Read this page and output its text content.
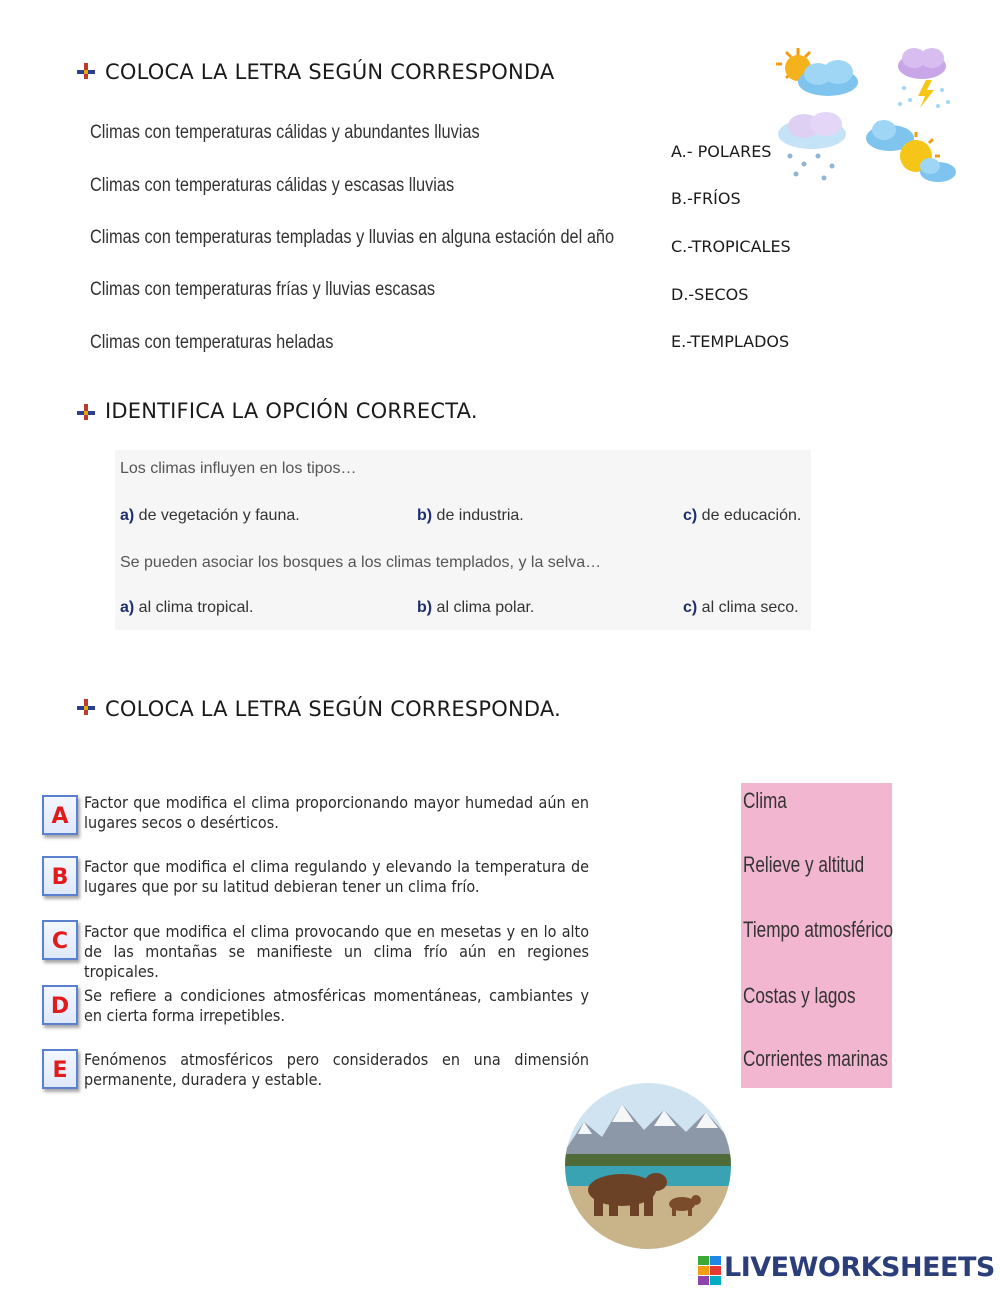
COLOCA LA LETRA SEGÚN CORRESPONDA
Climas con temperaturas cálidas y abundantes lluvias
Climas con temperaturas cálidas y escasas lluvias
Climas con temperaturas templadas y lluvias en alguna estación del año
Climas con temperaturas frías y lluvias escasas
Climas con temperaturas heladas
A.- POLARES
B.-FRÍOS
C.-TROPICALES
D.-SECOS
E.-TEMPLADOS
IDENTIFICA LA OPCIÓN CORRECTA.
Los climas influyen en los tipos…
a) de vegetación y fauna.	b) de industria.	c) de educación.
Se pueden asociar los bosques a los climas templados, y la selva…
a) al clima tropical.	b) al clima polar.	c) al clima seco.
COLOCA LA LETRA SEGÚN CORRESPONDA.
A
B
C
D
E
Factor que modifica el clima proporcionando mayor humedad aún en lugares secos o desérticos.
Factor que modifica el clima regulando y elevando la temperatura de lugares que por su latitud debieran tener un clima frío.
Factor que modifica el clima provocando que en mesetas y en lo alto de las montañas se manifieste un clima frío aún en regiones tropicales.
Se refiere a condiciones atmosféricas momentáneas, cambiantes y en cierta forma irrepetibles.
Fenómenos atmosféricos pero considerados en una dimensión permanente, duradera y estable.
Clima
Relieve y altitud
Tiempo atmosférico
Costas y lagos
Corrientes marinas
LIVEWORKSHEETS
